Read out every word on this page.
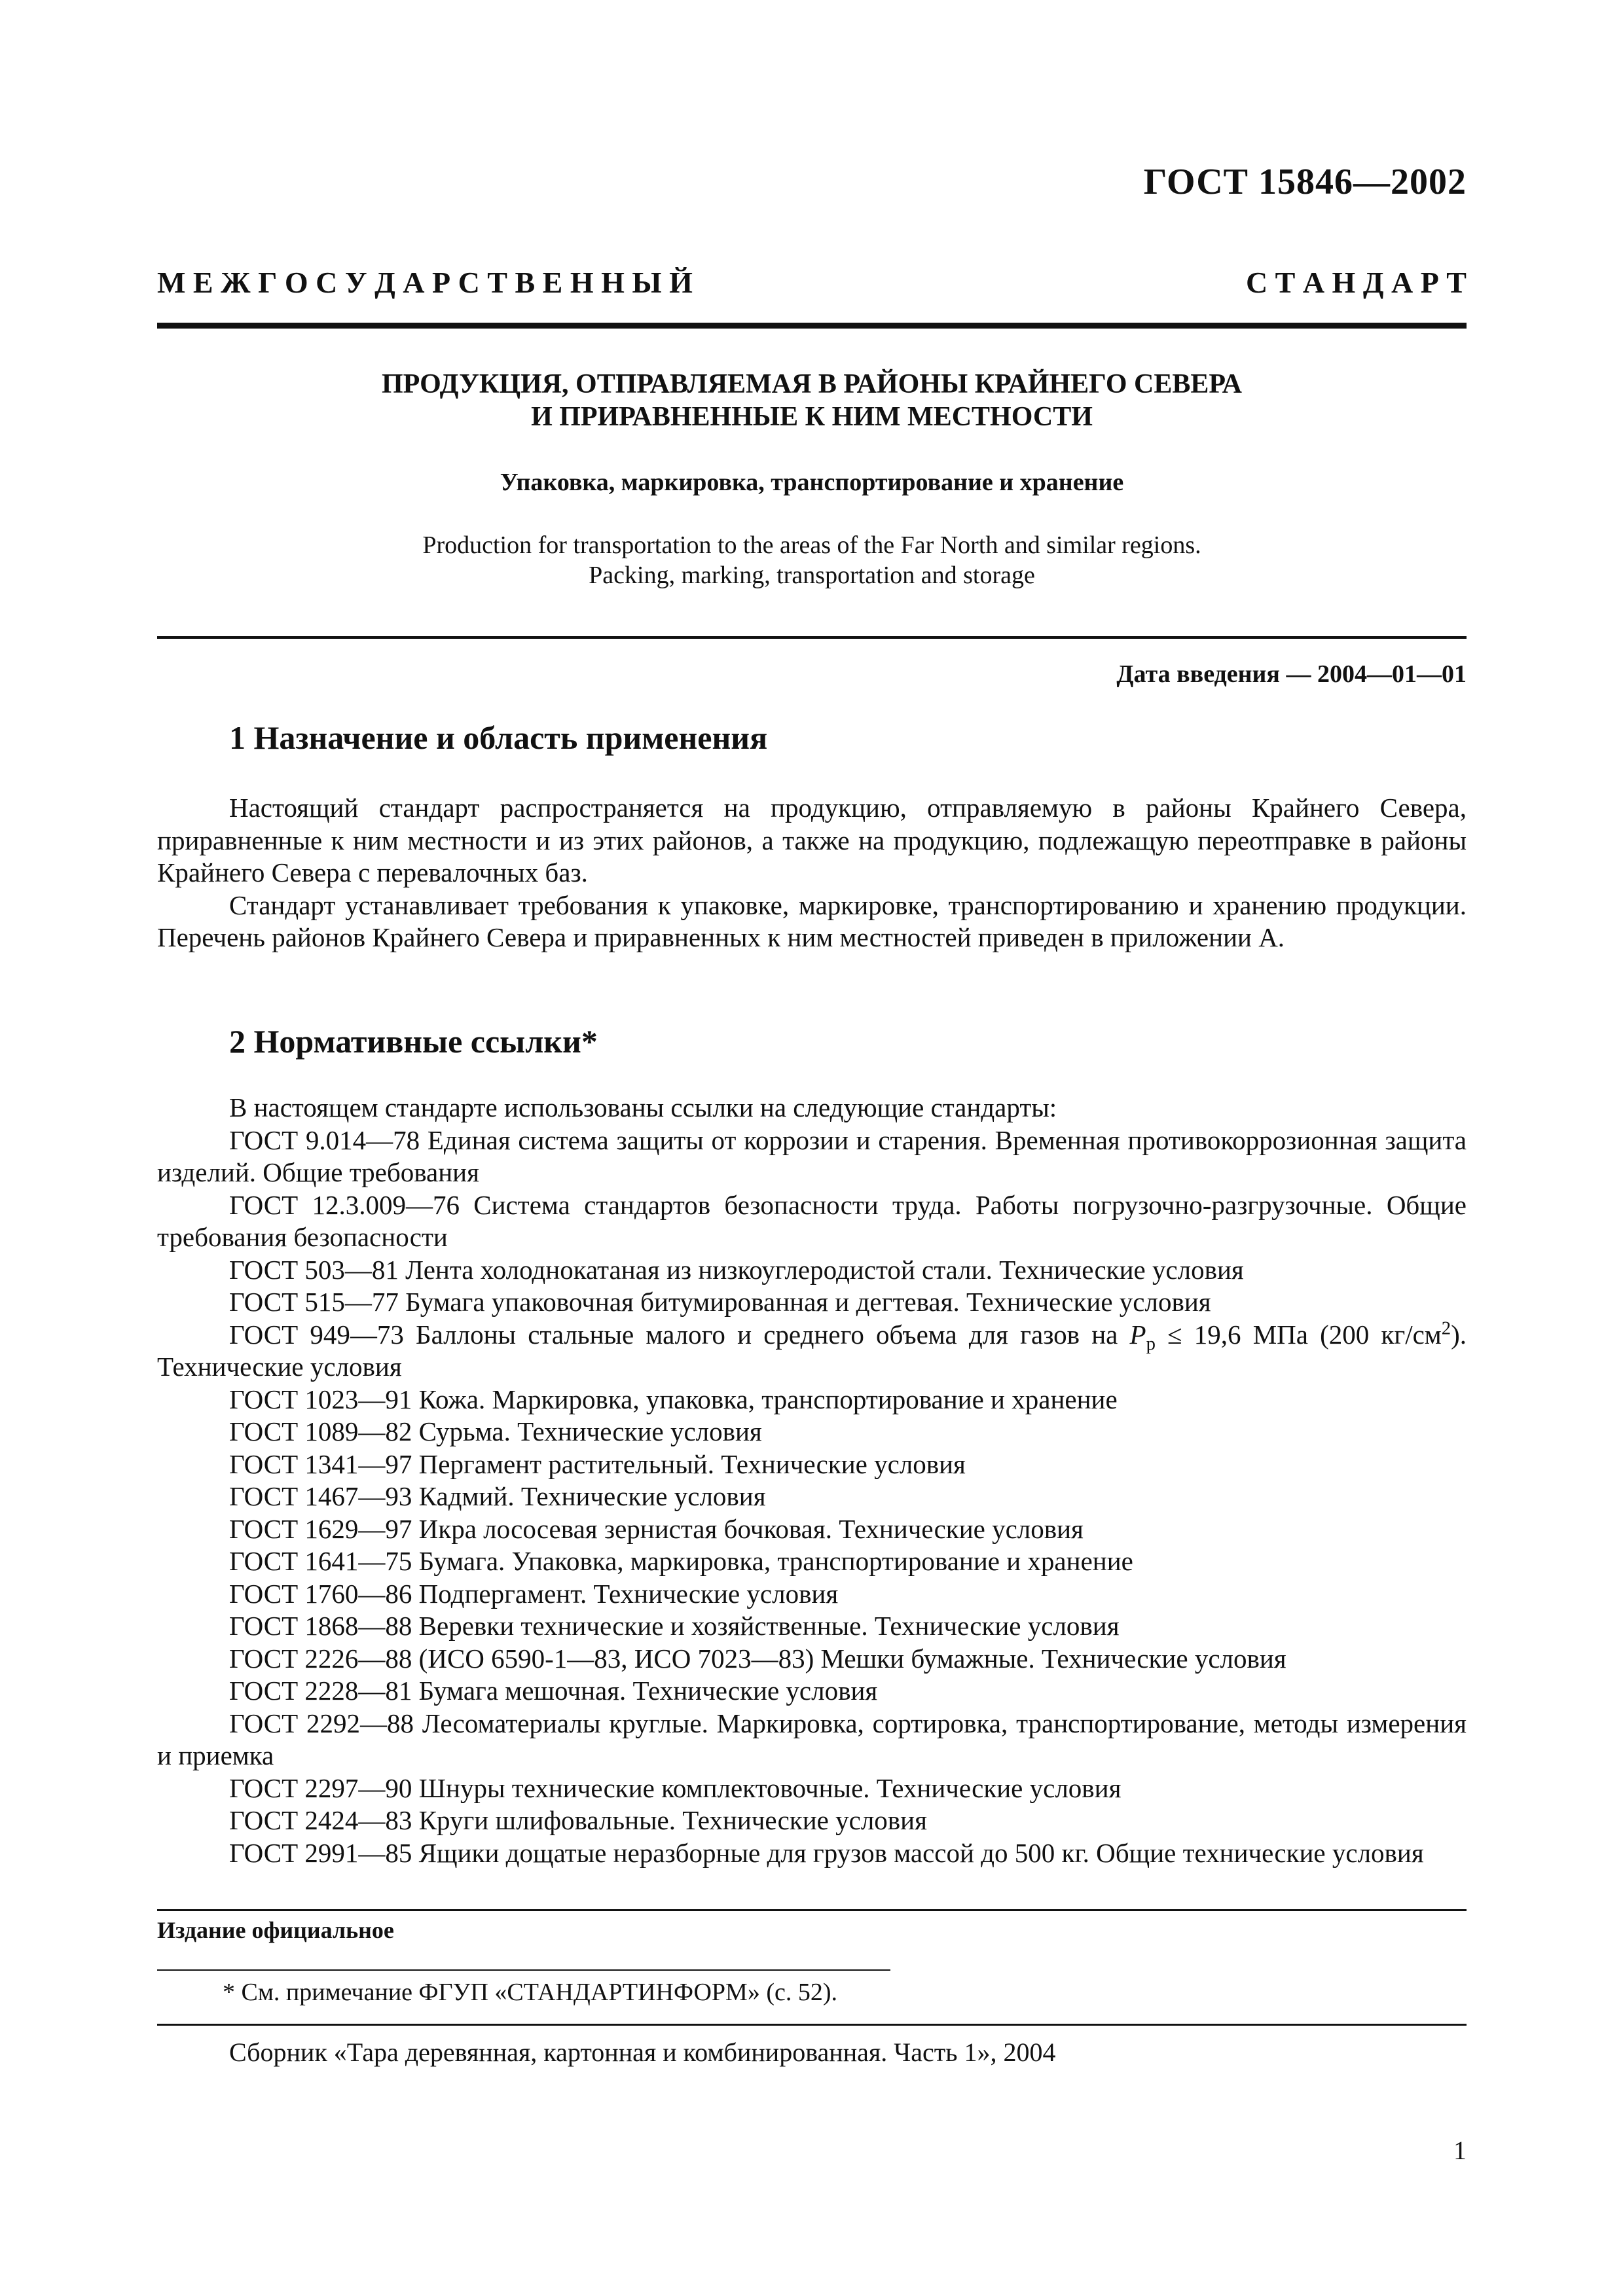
ГОСТ 15846—2002
М Е Ж Г О С У Д А Р С Т В Е Н Н Ы Й	С Т А Н Д А Р Т
ПРОДУКЦИЯ, ОТПРАВЛЯЕМАЯ В РАЙОНЫ КРАЙНЕГО СЕВЕРА
И ПРИРАВНЕННЫЕ К НИМ МЕСТНОСТИ
Упаковка, маркировка, транспортирование и хранение
Production for transportation to the areas of the Far North and similar regions.
Packing, marking, transportation and storage
Дата введения — 2004—01—01
1 Назначение и область применения

Настоящий стандарт распространяется на продукцию, отправляемую в районы Крайнего Севера, приравненные к ним местности и из этих районов, а также на продукцию, подлежащую переотправке в районы Крайнего Севера с перевалочных баз.

Стандарт устанавливает требования к упаковке, маркировке, транспортированию и хранению продукции. Перечень районов Крайнего Севера и приравненных к ним местностей приведен в приложении А.

2 Нормативные ссылки*

В настоящем стандарте использованы ссылки на следующие стандарты:

ГОСТ 9.014—78 Единая система защиты от коррозии и старения. Временная противокоррозионная защита изделий. Общие требования

ГОСТ 12.3.009—76 Система стандартов безопасности труда. Работы погрузочно-разгрузочные. Общие требования безопасности

ГОСТ 503—81 Лента холоднокатаная из низкоуглеродистой стали. Технические условия

ГОСТ 515—77 Бумага упаковочная битумированная и дегтевая. Технические условия

ГОСТ 949—73 Баллоны стальные малого и среднего объема для газов на $P_р \le 19,6$ МПа (200 $кг/см^2$). Технические условия

ГОСТ 1023—91 Кожа. Маркировка, упаковка, транспортирование и хранение

ГОСТ 1089—82 Сурьма. Технические условия

ГОСТ 1341—97 Пергамент растительный. Технические условия

ГОСТ 1467—93 Кадмий. Технические условия

ГОСТ 1629—97 Икра лососевая зернистая бочковая. Технические условия

ГОСТ 1641—75 Бумага. Упаковка, маркировка, транспортирование и хранение

ГОСТ 1760—86 Подпергамент. Технические условия

ГОСТ 1868—88 Веревки технические и хозяйственные. Технические условия

ГОСТ 2226—88 (ИСО 6590-1—83, ИСО 7023—83) Мешки бумажные. Технические условия

ГОСТ 2228—81 Бумага мешочная. Технические условия

ГОСТ 2292—88 Лесоматериалы круглые. Маркировка, сортировка, транспортирование, методы измерения и приемка

ГОСТ 2297—90 Шнуры технические комплектовочные. Технические условия

ГОСТ 2424—83 Круги шлифовальные. Технические условия

ГОСТ 2991—85 Ящики дощатые неразборные для грузов массой до 500 кг. Общие технические условия

Издание официальное
* См. примечание ФГУП «СТАНДАРТИНФОРМ» (с. 52).
Сборник «Тара деревянная, картонная и комбинированная. Часть 1», 2004
1
